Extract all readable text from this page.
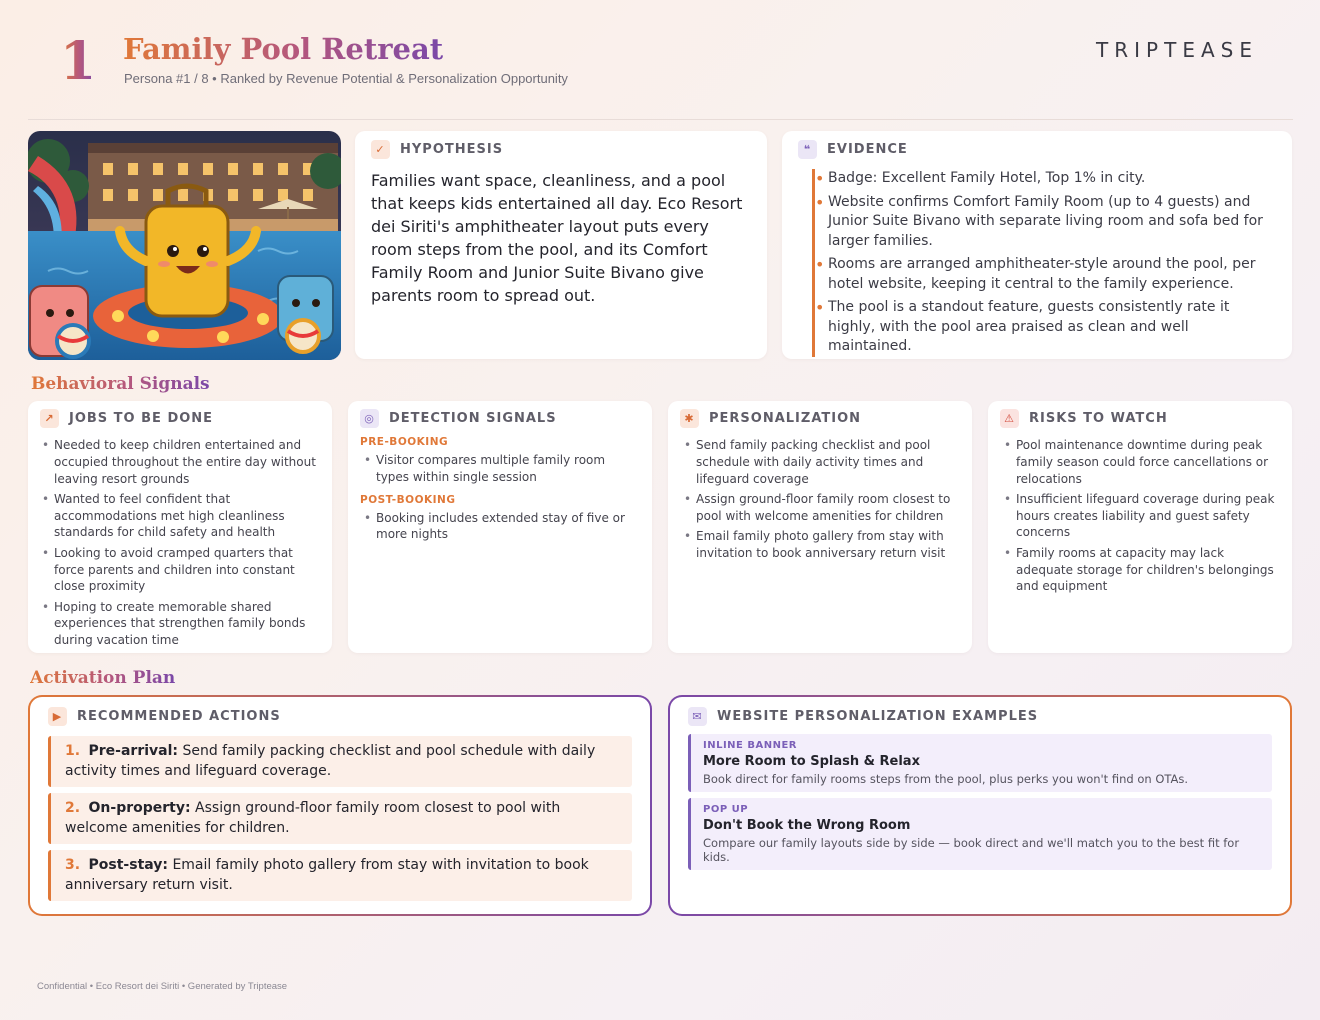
1 Family Pool Retreat
Persona #1 / 8 • Ranked by Revenue Potential & Personalization Opportunity
TRIPTEASE
✓	HYPOTHESIS
Families want space, cleanliness, and a pool that keeps kids entertained all day. Eco Resort dei Siriti's amphitheater layout puts every room steps from the pool, and its Comfort Family Room and Junior Suite Bivano give parents room to spread out.
❝	EVIDENCE
• Badge: Excellent Family Hotel, Top 1% in city.
• Website confirms Comfort Family Room (up to 4 guests) and Junior Suite Bivano with separate living room and sofa bed for larger families.
• Rooms are arranged amphitheater-style around the pool, per hotel website, keeping it central to the family experience.
• The pool is a standout feature, guests consistently rate it highly, with the pool area praised as clean and well maintained.
Behavioral Signals
↗	JOBS TO BE DONE
• Needed to keep children entertained and occupied throughout the entire day without leaving resort grounds
• Wanted to feel confident that accommodations met high cleanliness standards for child safety and health
• Looking to avoid cramped quarters that force parents and children into constant close proximity
• Hoping to create memorable shared experiences that strengthen family bonds during vacation time
◎	DETECTION SIGNALS
PRE-BOOKING
• Visitor compares multiple family room types within single session
POST-BOOKING
• Booking includes extended stay of five or more nights
✱	PERSONALIZATION
• Send family packing checklist and pool schedule with daily activity times and lifeguard coverage
• Assign ground-floor family room closest to pool with welcome amenities for children
• Email family photo gallery from stay with invitation to book anniversary return visit
⚠	RISKS TO WATCH
• Pool maintenance downtime during peak family season could force cancellations or relocations
• Insufficient lifeguard coverage during peak hours creates liability and guest safety concerns
• Family rooms at capacity may lack adequate storage for children's belongings and equipment
Activation Plan
▶	RECOMMENDED ACTIONS
1. Pre-arrival: Send family packing checklist and pool schedule with daily activity times and lifeguard coverage.
2. On-property: Assign ground-floor family room closest to pool with welcome amenities for children.
3. Post-stay: Email family photo gallery from stay with invitation to book anniversary return visit.
✉	WEBSITE PERSONALIZATION EXAMPLES
INLINE BANNER
More Room to Splash & Relax
Book direct for family rooms steps from the pool, plus perks you won't find on OTAs.
POP UP
Don't Book the Wrong Room
Compare our family layouts side by side — book direct and we'll match you to the best fit for kids.
Confidential • Eco Resort dei Siriti • Generated by Triptease
